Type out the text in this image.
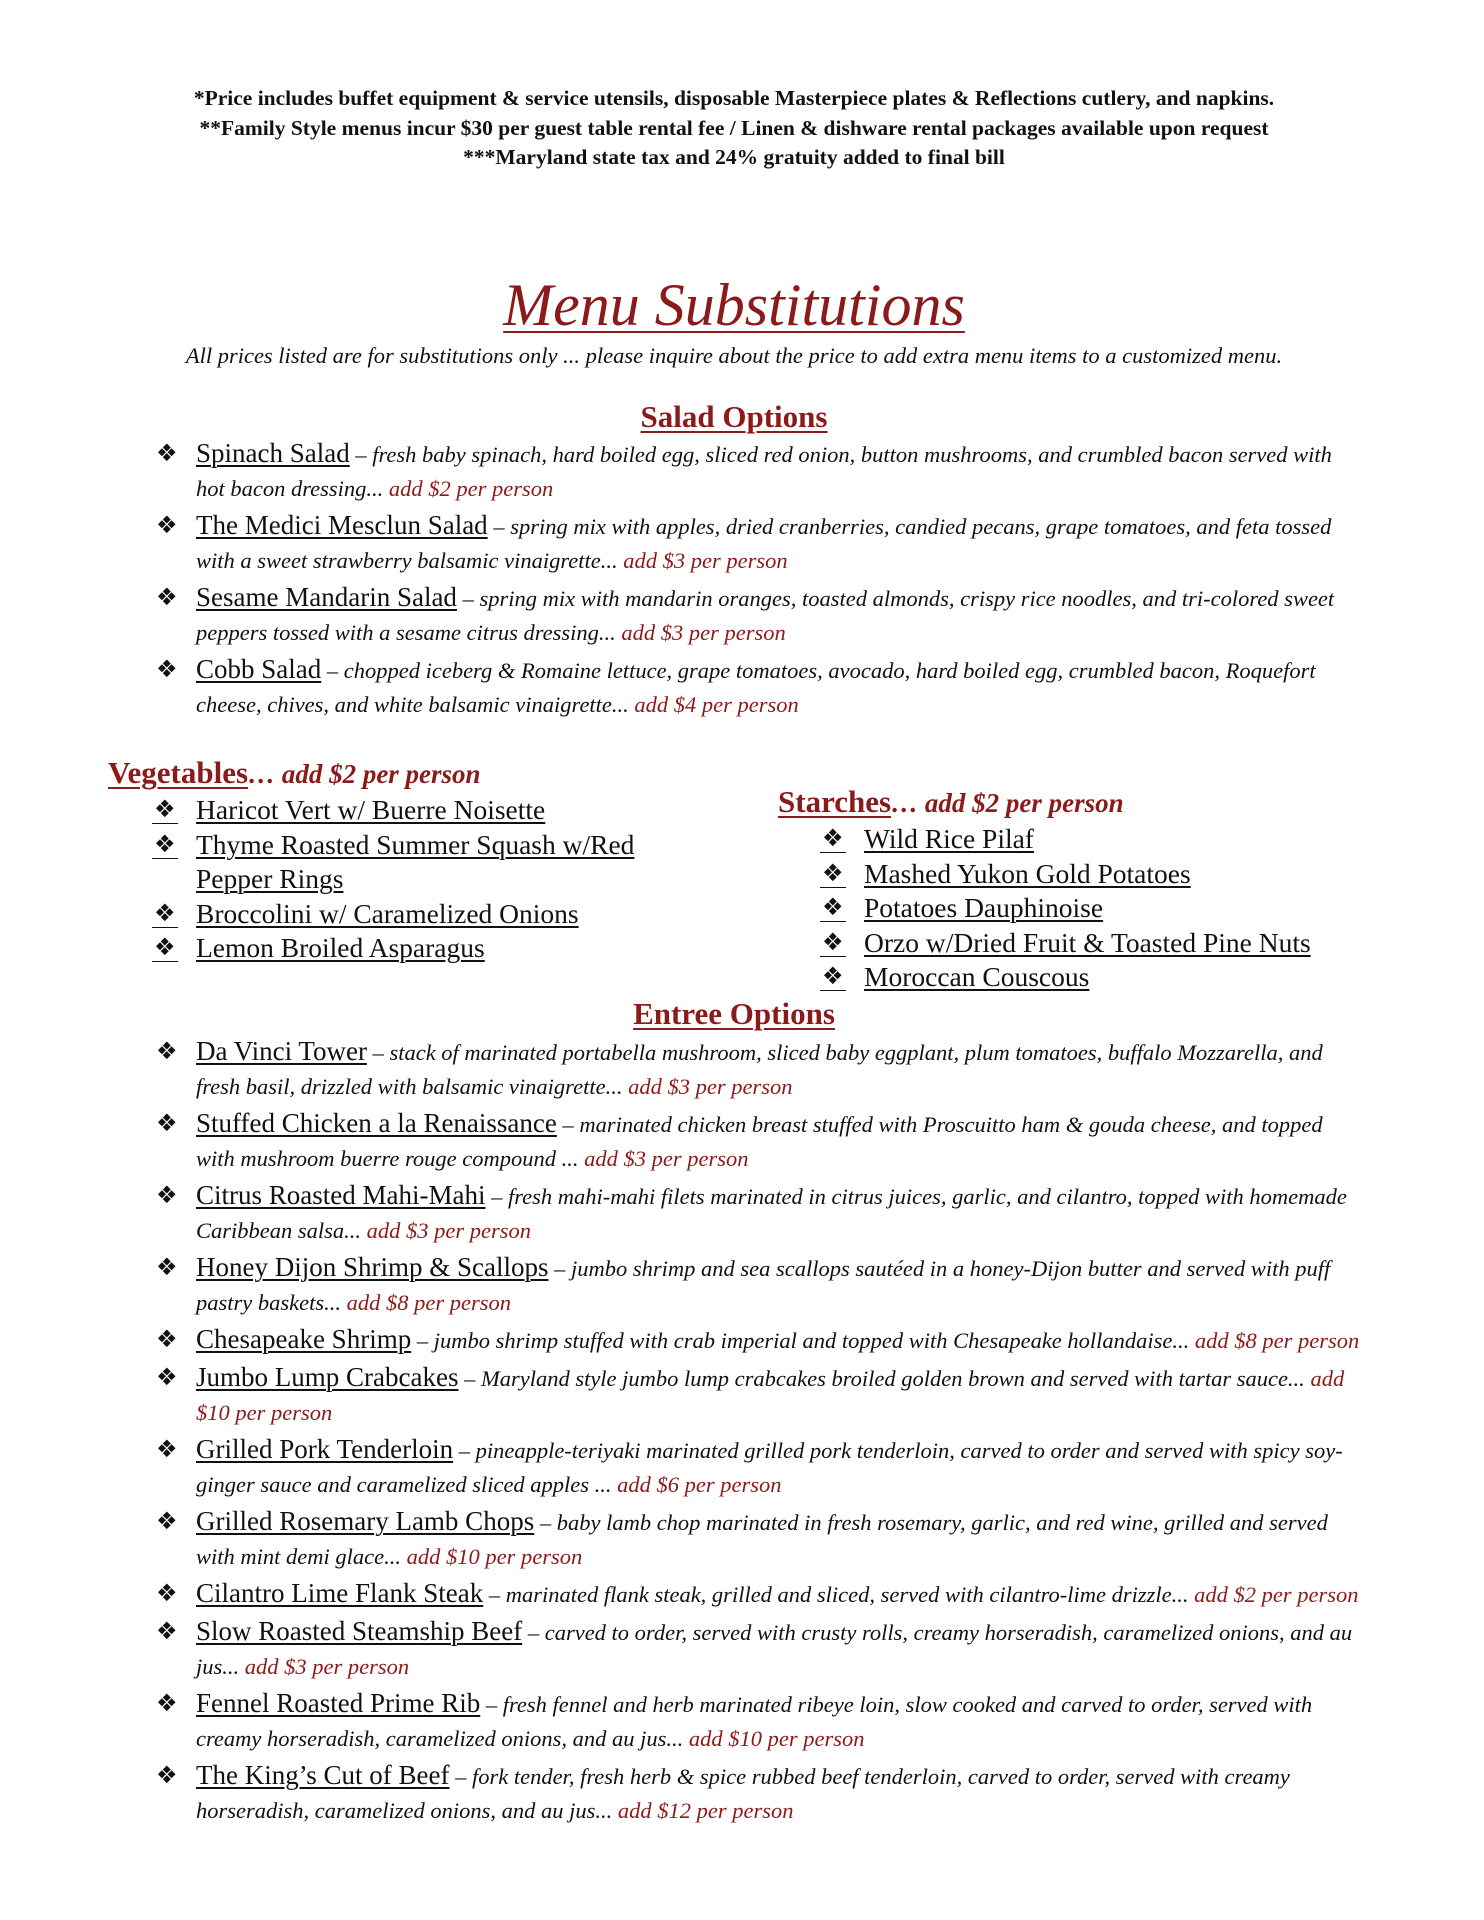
*Price includes buffet equipment & service utensils, disposable Masterpiece plates & Reflections cutlery, and napkins.
**Family Style menus incur $30 per guest table rental fee / Linen & dishware rental packages available upon request
***Maryland state tax and 24% gratuity added to final bill
Menu Substitutions
All prices listed are for substitutions only ... please inquire about the price to add extra menu items to a customized menu.
Salad Options
❖ Spinach Salad – fresh baby spinach, hard boiled egg, sliced red onion, button mushrooms, and crumbled bacon served with hot bacon dressing... add $2 per person
❖ The Medici Mesclun Salad – spring mix with apples, dried cranberries, candied pecans, grape tomatoes, and feta tossed with a sweet strawberry balsamic vinaigrette... add $3 per person
❖ Sesame Mandarin Salad – spring mix with mandarin oranges, toasted almonds, crispy rice noodles, and tri-colored sweet peppers tossed with a sesame citrus dressing... add $3 per person
❖ Cobb Salad – chopped iceberg & Romaine lettuce, grape tomatoes, avocado, hard boiled egg, crumbled bacon, Roquefort cheese, chives, and white balsamic vinaigrette... add $4 per person
Vegetables… add $2 per person
❖ Haricot Vert w/ Buerre Noisette
❖ Thyme Roasted Summer Squash w/Red Pepper Rings
❖ Broccolini w/ Caramelized Onions
❖ Lemon Broiled Asparagus
Starches… add $2 per person
❖ Wild Rice Pilaf
❖ Mashed Yukon Gold Potatoes
❖ Potatoes Dauphinoise
❖ Orzo w/Dried Fruit & Toasted Pine Nuts
❖ Moroccan Couscous
Entree Options
❖ Da Vinci Tower – stack of marinated portabella mushroom, sliced baby eggplant, plum tomatoes, buffalo Mozzarella, and fresh basil, drizzled with balsamic vinaigrette... add $3 per person
❖ Stuffed Chicken a la Renaissance – marinated chicken breast stuffed with Proscuitto ham & gouda cheese, and topped with mushroom buerre rouge compound ... add $3 per person
❖ Citrus Roasted Mahi-Mahi – fresh mahi-mahi filets marinated in citrus juices, garlic, and cilantro, topped with homemade Caribbean salsa... add $3 per person
❖ Honey Dijon Shrimp & Scallops – jumbo shrimp and sea scallops sautéed in a honey-Dijon butter and served with puff pastry baskets... add $8 per person
❖ Chesapeake Shrimp – jumbo shrimp stuffed with crab imperial and topped with Chesapeake hollandaise... add $8 per person
❖ Jumbo Lump Crabcakes – Maryland style jumbo lump crabcakes broiled golden brown and served with tartar sauce... add $10 per person
❖ Grilled Pork Tenderloin – pineapple-teriyaki marinated grilled pork tenderloin, carved to order and served with spicy soy-ginger sauce and caramelized sliced apples ... add $6 per person
❖ Grilled Rosemary Lamb Chops – baby lamb chop marinated in fresh rosemary, garlic, and red wine, grilled and served with mint demi glace... add $10 per person
❖ Cilantro Lime Flank Steak – marinated flank steak, grilled and sliced, served with cilantro-lime drizzle... add $2 per person
❖ Slow Roasted Steamship Beef – carved to order, served with crusty rolls, creamy horseradish, caramelized onions, and au jus... add $3 per person
❖ Fennel Roasted Prime Rib – fresh fennel and herb marinated ribeye loin, slow cooked and carved to order, served with creamy horseradish, caramelized onions, and au jus... add $10 per person
❖ The King’s Cut of Beef – fork tender, fresh herb & spice rubbed beef tenderloin, carved to order, served with creamy horseradish, caramelized onions, and au jus... add $12 per person
